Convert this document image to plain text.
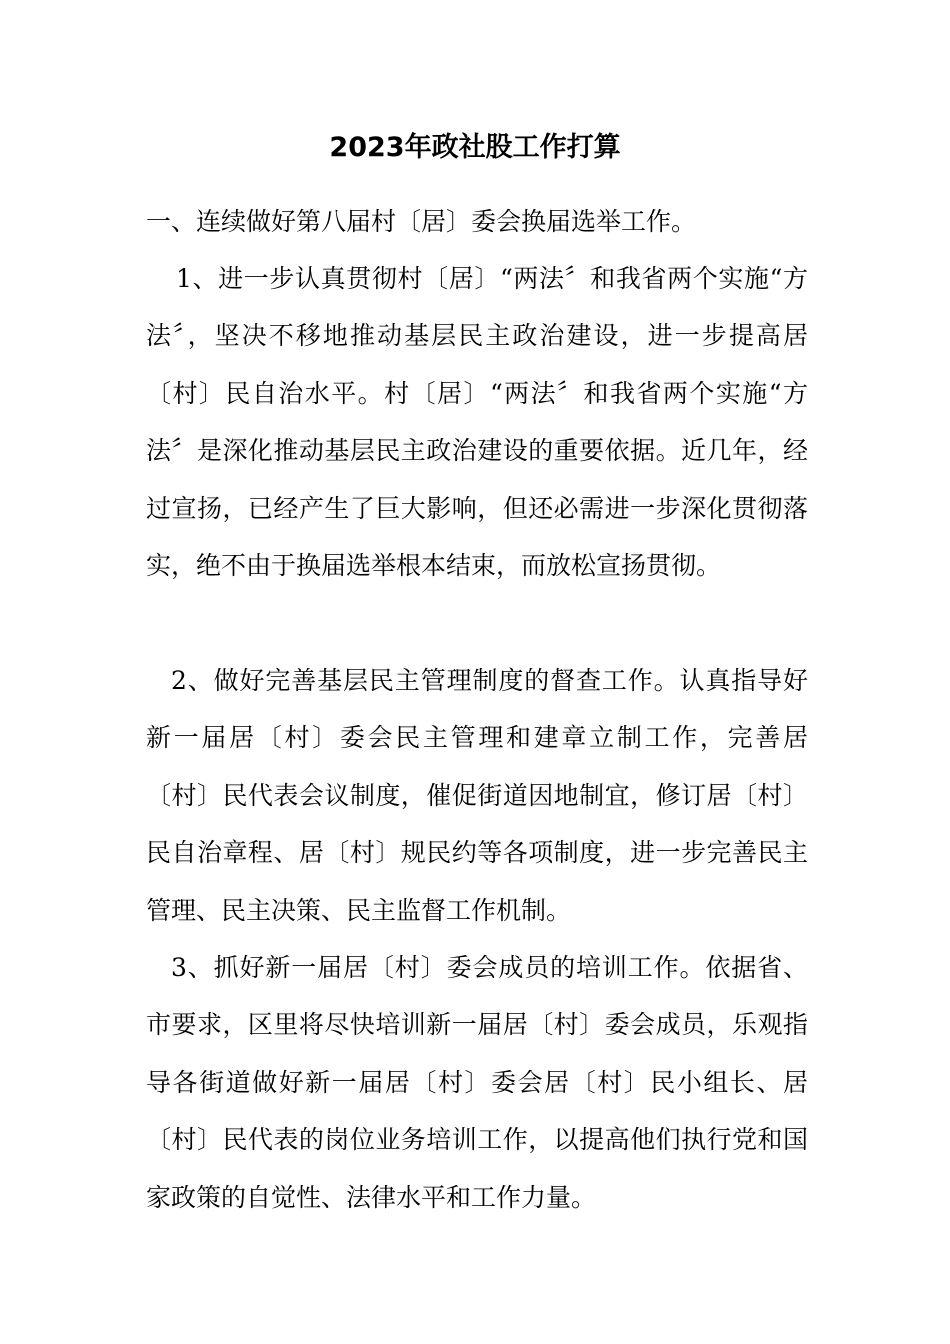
2023年政社股工作打算
一、连续做好第八届村〔居〕委会换届选举工作。
1、进一步认真贯彻村〔居〕“两法〞和我省两个实施“方法〞，坚决不移地推动基层民主政治建设，进一步提高居〔村〕民自治水平。村〔居〕“两法〞和我省两个实施“方法〞是深化推动基层民主政治建设的重要依据。近几年，经过宣扬，已经产生了巨大影响，但还必需进一步深化贯彻落实，绝不由于换届选举根本结束，而放松宣扬贯彻。
2、做好完善基层民主管理制度的督查工作。认真指导好新一届居〔村〕委会民主管理和建章立制工作，完善居〔村〕民代表会议制度，催促街道因地制宜，修订居〔村〕民自治章程、居〔村〕规民约等各项制度，进一步完善民主管理、民主决策、民主监督工作机制。
3、抓好新一届居〔村〕委会成员的培训工作。依据省、市要求，区里将尽快培训新一届居〔村〕委会成员，乐观指导各街道做好新一届居〔村〕委会居〔村〕民小组长、居〔村〕民代表的岗位业务培训工作，以提高他们执行党和国家政策的自觉性、法律水平和工作力量。
